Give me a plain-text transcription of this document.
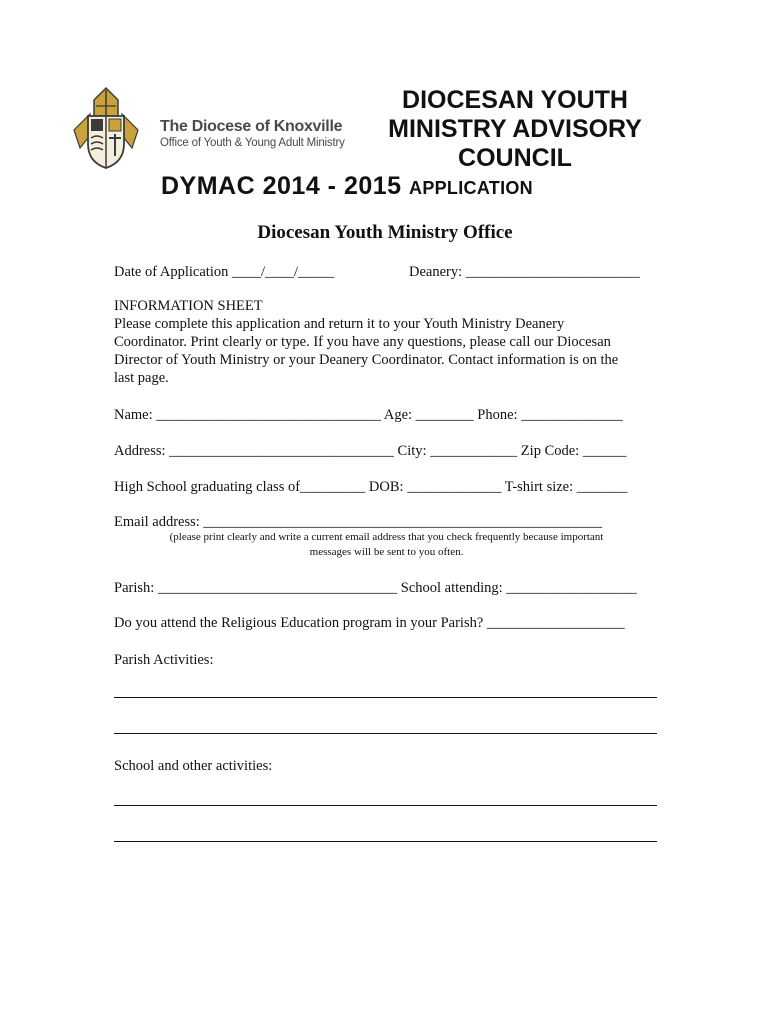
The Diocese of Knoxville
Office of Youth & Young Adult Ministry
DIOCESAN YOUTH
MINISTRY ADVISORY
COUNCIL
DYMAC 2014 - 2015 APPLICATION
Diocesan Youth Ministry Office
Date of Application ____/____/_____	Deanery: ________________________
INFORMATION SHEET
Please complete this application and return it to your Youth Ministry Deanery
Coordinator. Print clearly or type. If you have any questions, please call our Diocesan
Director of Youth Ministry or your Deanery Coordinator. Contact information is on the
last page.
Name: _______________________________ Age: ________ Phone: ______________
Address: _______________________________ City: ____________ Zip Code: ______
High School graduating class of_________ DOB: _____________ T-shirt size: _______
Email address: _______________________________________________________
(please print clearly and write a current email address that you check frequently because important
messages will be sent to you often.
Parish: _________________________________ School attending: __________________
Do you attend the Religious Education program in your Parish? ___________________
Parish Activities:
School and other activities:
